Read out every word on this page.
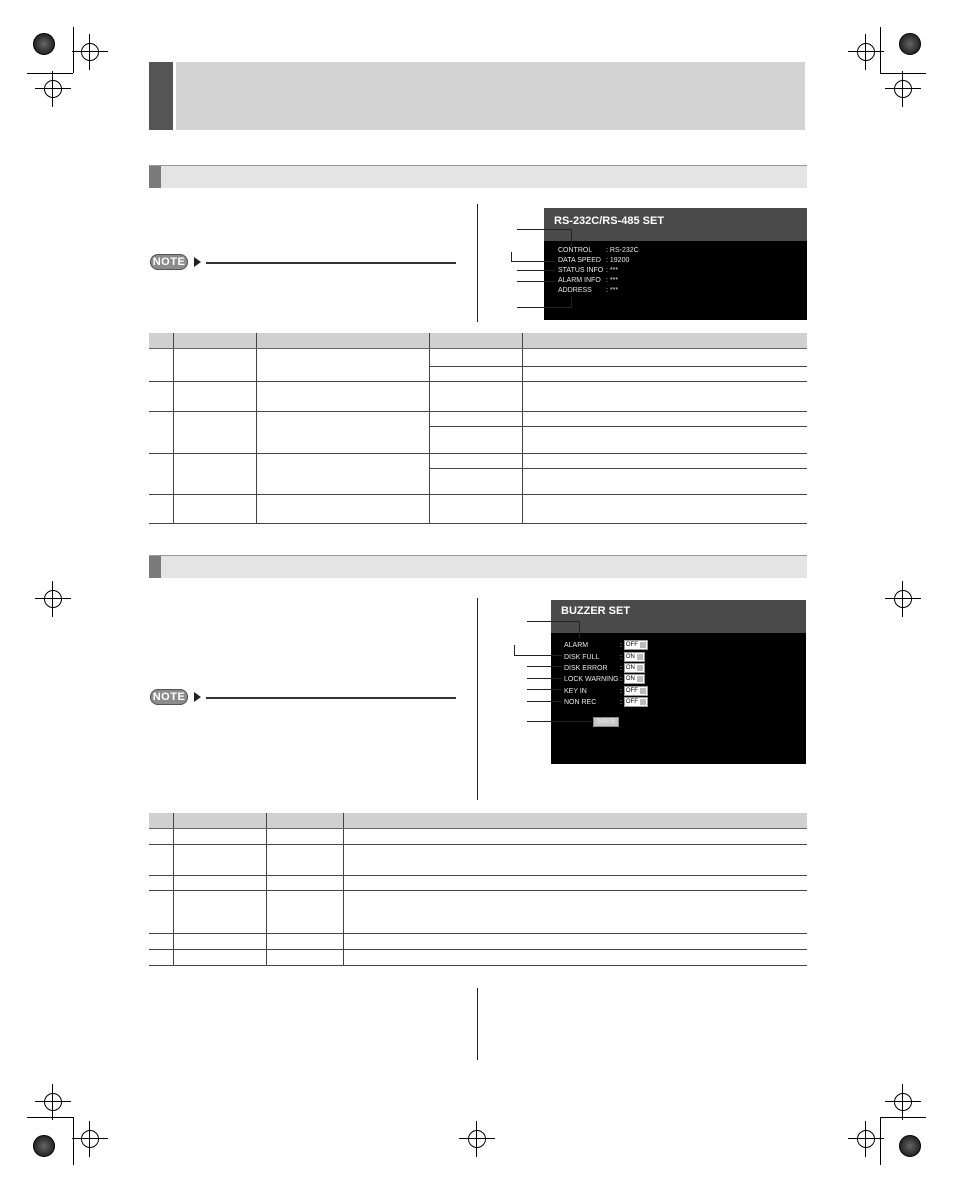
NOTE
RS-232C/RS-485 SET
CONTROL : RS-232C
DATA SPEED : 19200
STATUS INFO : ***
ALARM INFO : ***
ADDRESS : ***

NOTE
BUZZER SET
ALARM	: OFF
DISK FULL	: ON
DISK ERROR : ON
LOCK WARNING: ON
KEY IN	: OFF
NON REC	: OFF
SAVE
